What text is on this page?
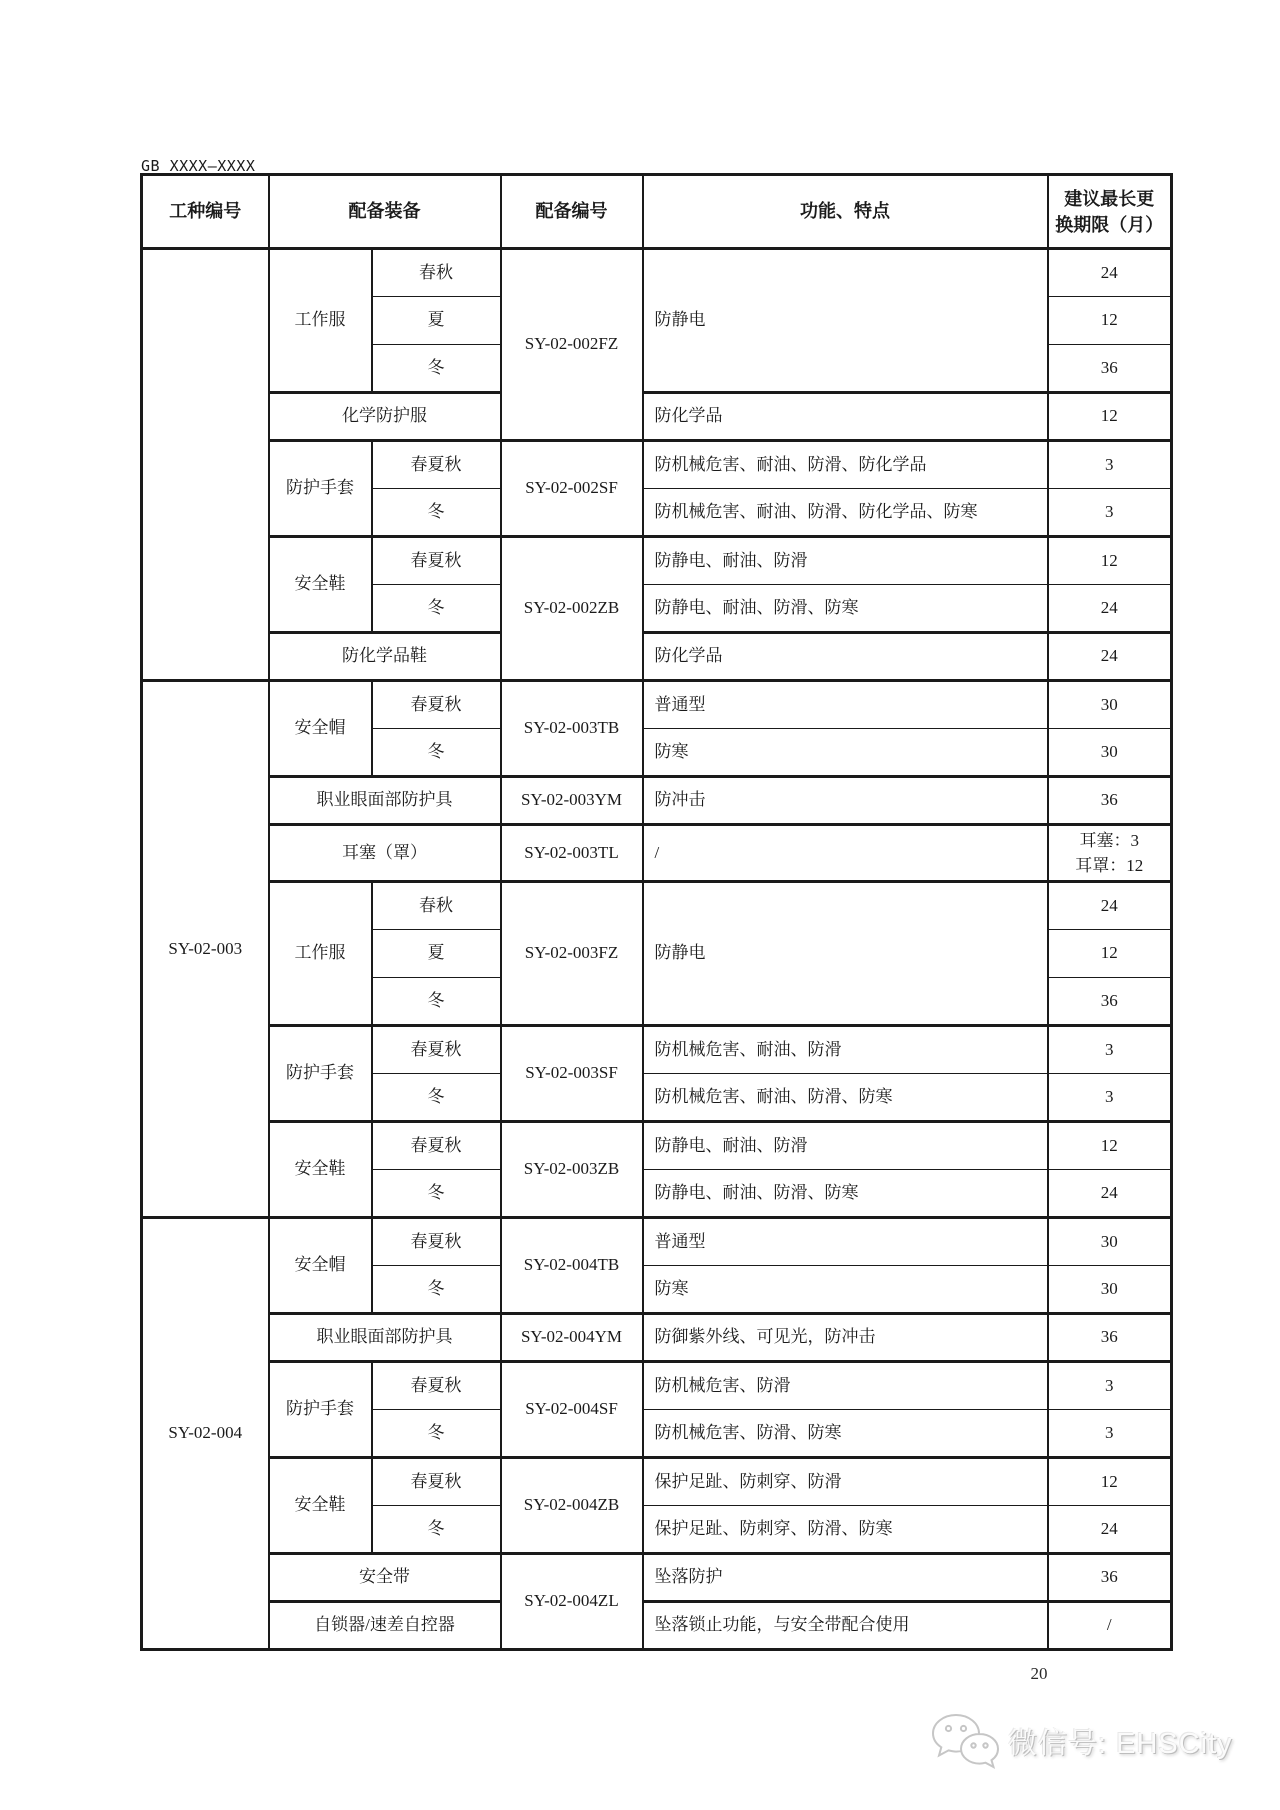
GB XXXX—XXXX
工种编号	配备装备		配备编号	功能、特点	建议最长更
换期限（月）

	工作服	春秋	SY-02-002FZ	防静电	24
		夏			12
		冬			36
	化学防护服			防化学品	12
	防护手套	春夏秋	SY-02-002SF	防机械危害、耐油、防滑、防化学品	3
		冬		防机械危害、耐油、防滑、防化学品、防寒	3
	安全鞋	春夏秋	SY-02-002ZB	防静电、耐油、防滑	12
		冬		防静电、耐油、防滑、防寒	24
	防化学品鞋			防化学品	24
SY-02-003	安全帽	春夏秋	SY-02-003TB	普通型	30
		冬		防寒	30
	职业眼面部防护具		SY-02-003YM	防冲击	36
	耳塞（罩）		SY-02-003TL	/	耳塞：3
耳罩：12

	工作服	春秋	SY-02-003FZ	防静电	24
		夏			12
		冬			36
	防护手套	春夏秋	SY-02-003SF	防机械危害、耐油、防滑	3
		冬		防机械危害、耐油、防滑、防寒	3
	安全鞋	春夏秋	SY-02-003ZB	防静电、耐油、防滑	12
		冬		防静电、耐油、防滑、防寒	24
SY-02-004	安全帽	春夏秋	SY-02-004TB	普通型	30
		冬		防寒	30
	职业眼面部防护具		SY-02-004YM	防御紫外线、可见光，防冲击	36
	防护手套	春夏秋	SY-02-004SF	防机械危害、防滑	3
		冬		防机械危害、防滑、防寒	3
	安全鞋	春夏秋	SY-02-004ZB	保护足趾、防刺穿、防滑	12
		冬		保护足趾、防刺穿、防滑、防寒	24
	安全带		SY-02-004ZL	坠落防护	36
	自锁器/速差自控器			坠落锁止功能，与安全带配合使用	/
20
微信号: EHSCity
